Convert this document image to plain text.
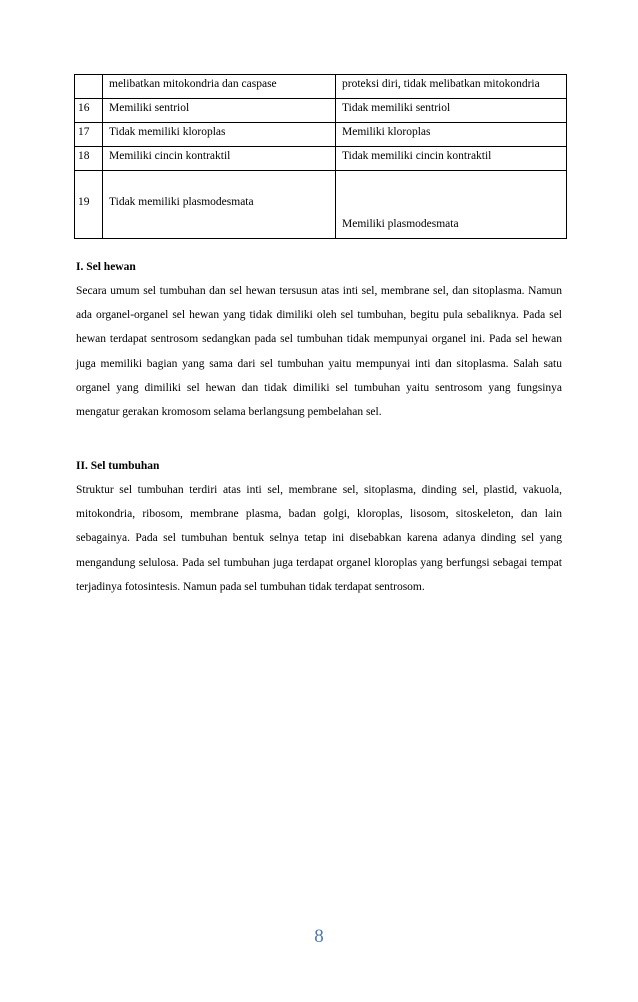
	melibatkan mitokondria dan caspase	proteksi diri, tidak melibatkan mitokondria
16	Memiliki sentriol	Tidak memiliki sentriol
17	Tidak memiliki kloroplas	Memiliki kloroplas
18	Memiliki cincin kontraktil	Tidak memiliki cincin kontraktil
19	Tidak memiliki plasmodesmata	Memiliki plasmodesmata
I. Sel hewan

Secara umum sel tumbuhan dan sel hewan tersusun atas inti sel, membrane sel, dan sitoplasma. Namun ada organel-organel sel hewan yang tidak dimiliki oleh sel tumbuhan, begitu pula sebaliknya. Pada sel hewan terdapat sentrosom sedangkan pada sel tumbuhan tidak mempunyai organel ini. Pada sel hewan juga memiliki bagian yang sama dari sel tumbuhan yaitu mempunyai inti dan sitoplasma. Salah satu organel yang dimiliki sel hewan dan tidak dimiliki sel tumbuhan yaitu sentrosom yang fungsinya mengatur gerakan kromosom selama berlangsung pembelahan sel.

II. Sel tumbuhan

Struktur sel tumbuhan terdiri atas inti sel, membrane sel, sitoplasma, dinding sel, plastid, vakuola, mitokondria, ribosom, membrane plasma, badan golgi, kloroplas, lisosom, sitoskeleton, dan lain sebagainya. Pada sel tumbuhan bentuk selnya tetap ini disebabkan karena adanya dinding sel yang mengandung selulosa. Pada sel tumbuhan juga terdapat organel kloroplas yang berfungsi sebagai tempat terjadinya fotosintesis. Namun pada sel tumbuhan tidak terdapat sentrosom.

8
